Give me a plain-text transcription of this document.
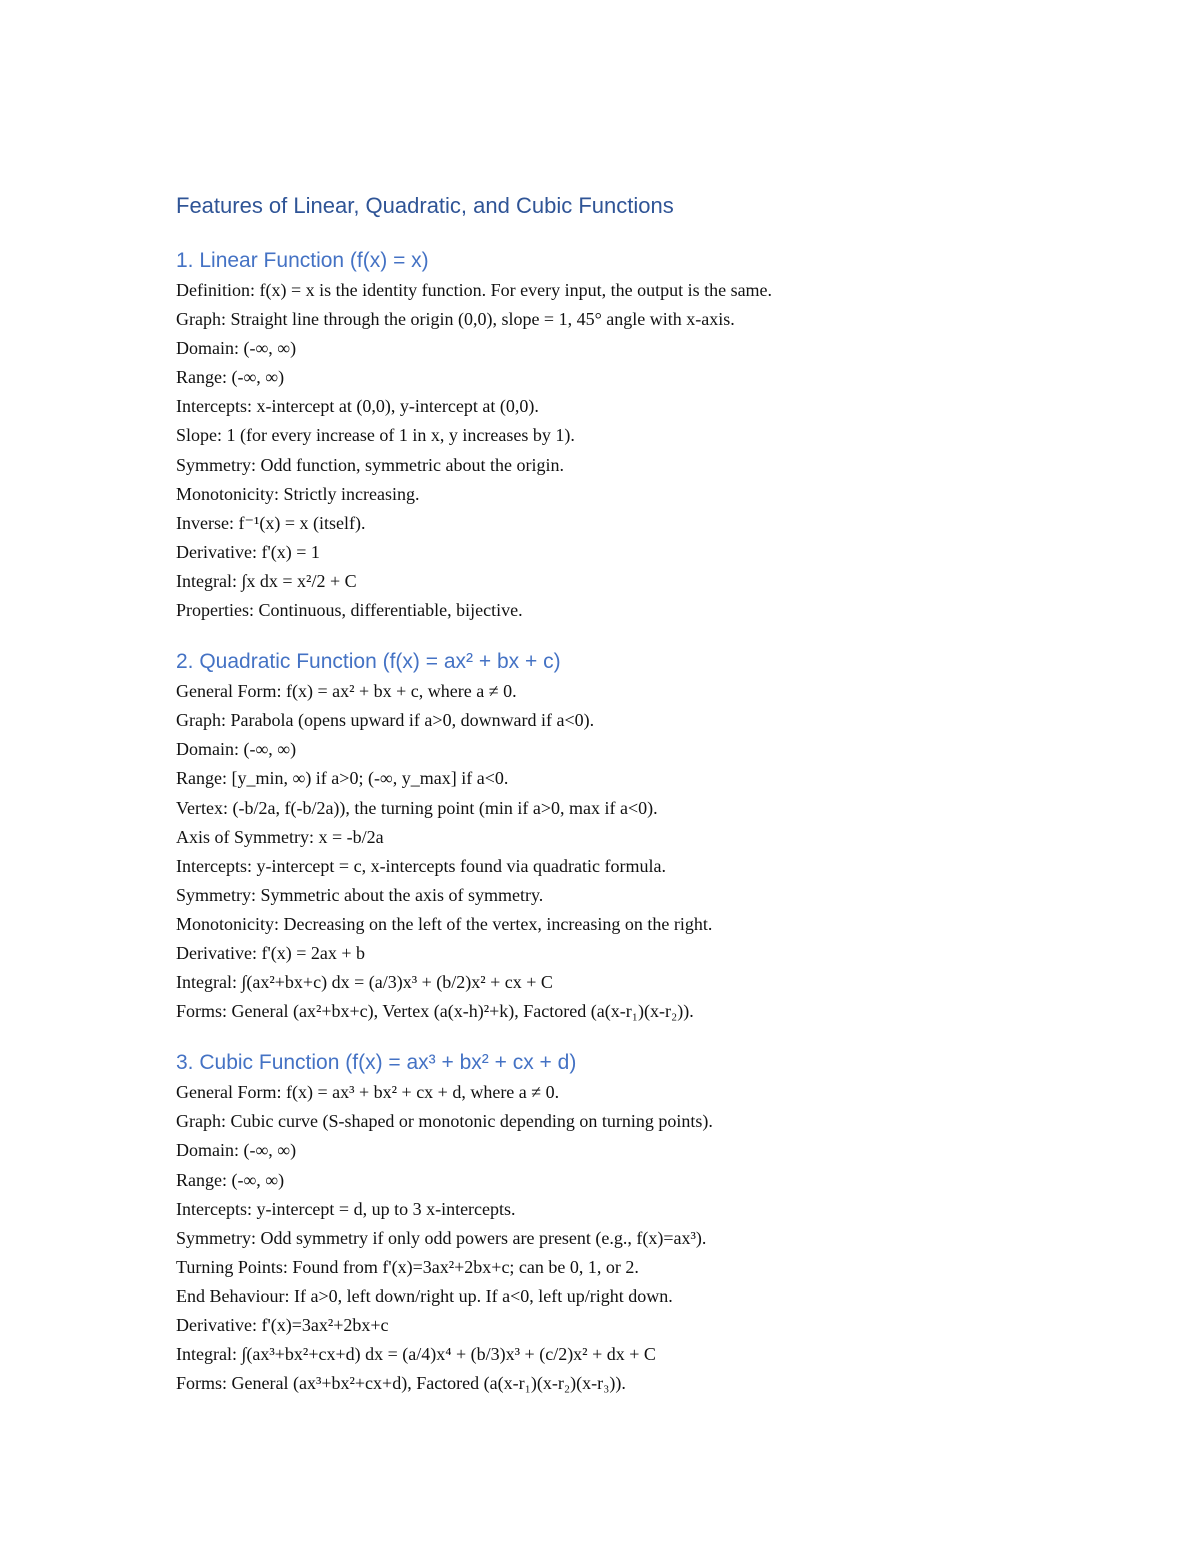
Features of Linear, Quadratic, and Cubic Functions
1. Linear Function (f(x) = x)
Definition: f(x) = x is the identity function. For every input, the output is the same.
Graph: Straight line through the origin (0,0), slope = 1, 45° angle with x-axis.
Domain: (-∞, ∞)
Range: (-∞, ∞)
Intercepts: x-intercept at (0,0), y-intercept at (0,0).
Slope: 1 (for every increase of 1 in x, y increases by 1).
Symmetry: Odd function, symmetric about the origin.
Monotonicity: Strictly increasing.
Inverse: f⁻¹(x) = x (itself).
Derivative: f'(x) = 1
Integral: ∫x dx = x²/2 + C
Properties: Continuous, differentiable, bijective.
2. Quadratic Function (f(x) = ax² + bx + c)
General Form: f(x) = ax² + bx + c, where a ≠ 0.
Graph: Parabola (opens upward if a>0, downward if a<0).
Domain: (-∞, ∞)
Range: [y_min, ∞) if a>0; (-∞, y_max] if a<0.
Vertex: (-b/2a, f(-b/2a)), the turning point (min if a>0, max if a<0).
Axis of Symmetry: x = -b/2a
Intercepts: y-intercept = c, x-intercepts found via quadratic formula.
Symmetry: Symmetric about the axis of symmetry.
Monotonicity: Decreasing on the left of the vertex, increasing on the right.
Derivative: f'(x) = 2ax + b
Integral: ∫(ax²+bx+c) dx = (a/3)x³ + (b/2)x² + cx + C
Forms: General (ax²+bx+c), Vertex (a(x-h)²+k), Factored (a(x-r₁)(x-r₂)).
3. Cubic Function (f(x) = ax³ + bx² + cx + d)
General Form: f(x) = ax³ + bx² + cx + d, where a ≠ 0.
Graph: Cubic curve (S-shaped or monotonic depending on turning points).
Domain: (-∞, ∞)
Range: (-∞, ∞)
Intercepts: y-intercept = d, up to 3 x-intercepts.
Symmetry: Odd symmetry if only odd powers are present (e.g., f(x)=ax³).
Turning Points: Found from f'(x)=3ax²+2bx+c; can be 0, 1, or 2.
End Behaviour: If a>0, left down/right up. If a<0, left up/right down.
Derivative: f'(x)=3ax²+2bx+c
Integral: ∫(ax³+bx²+cx+d) dx = (a/4)x⁴ + (b/3)x³ + (c/2)x² + dx + C
Forms: General (ax³+bx²+cx+d), Factored (a(x-r₁)(x-r₂)(x-r₃)).
